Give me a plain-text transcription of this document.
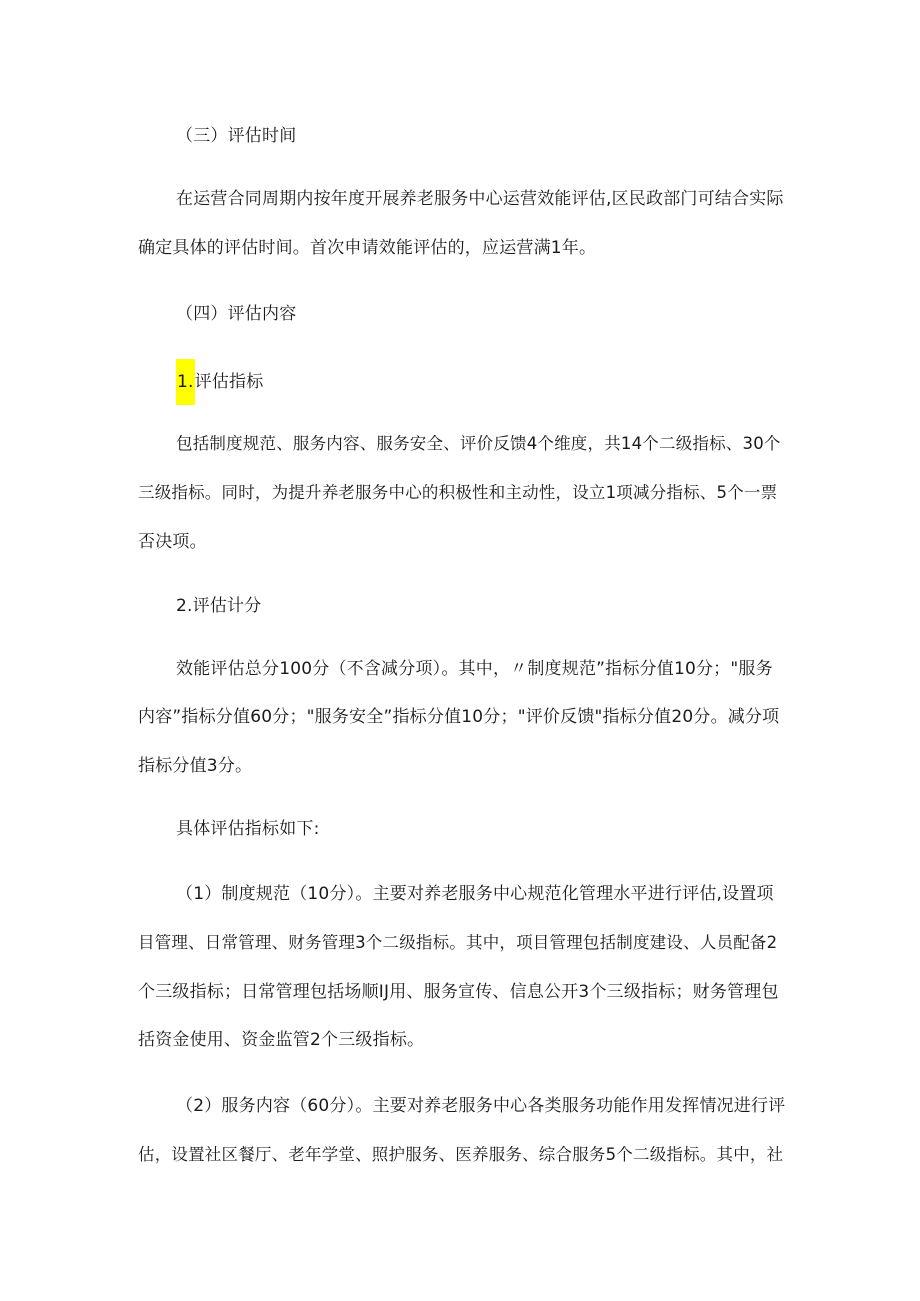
（三）评估时间
在运营合同周期内按年度开展养老服务中心运营效能评估,区民政部门可结合实际
确定具体的评估时间。首次申请效能评估的，应运营满1年。
（四）评估内容
1.评估指标
包括制度规范、服务内容、服务安全、评价反馈4个维度，共14个二级指标、30个
三级指标。同时，为提升养老服务中心的积极性和主动性，设立1项减分指标、5个一票
否决项。
2.评估计分
效能评估总分100分（不含减分项）。其中，〃制度规范”指标分值10分；"服务
内容”指标分值60分；"服务安全”指标分值10分；"评价反馈"指标分值20分。减分项
指标分值3分。
具体评估指标如下:
（1）制度规范（10分）。主要对养老服务中心规范化管理水平进行评估,设置项
目管理、日常管理、财务管理3个二级指标。其中，项目管理包括制度建设、人员配备2
个三级指标；日常管理包括场顺IJ用、服务宣传、信息公开3个三级指标；财务管理包
括资金使用、资金监管2个三级指标。
（2）服务内容（60分）。主要对养老服务中心各类服务功能作用发挥情况进行评
估，设置社区餐厅、老年学堂、照护服务、医养服务、综合服务5个二级指标。其中，社
